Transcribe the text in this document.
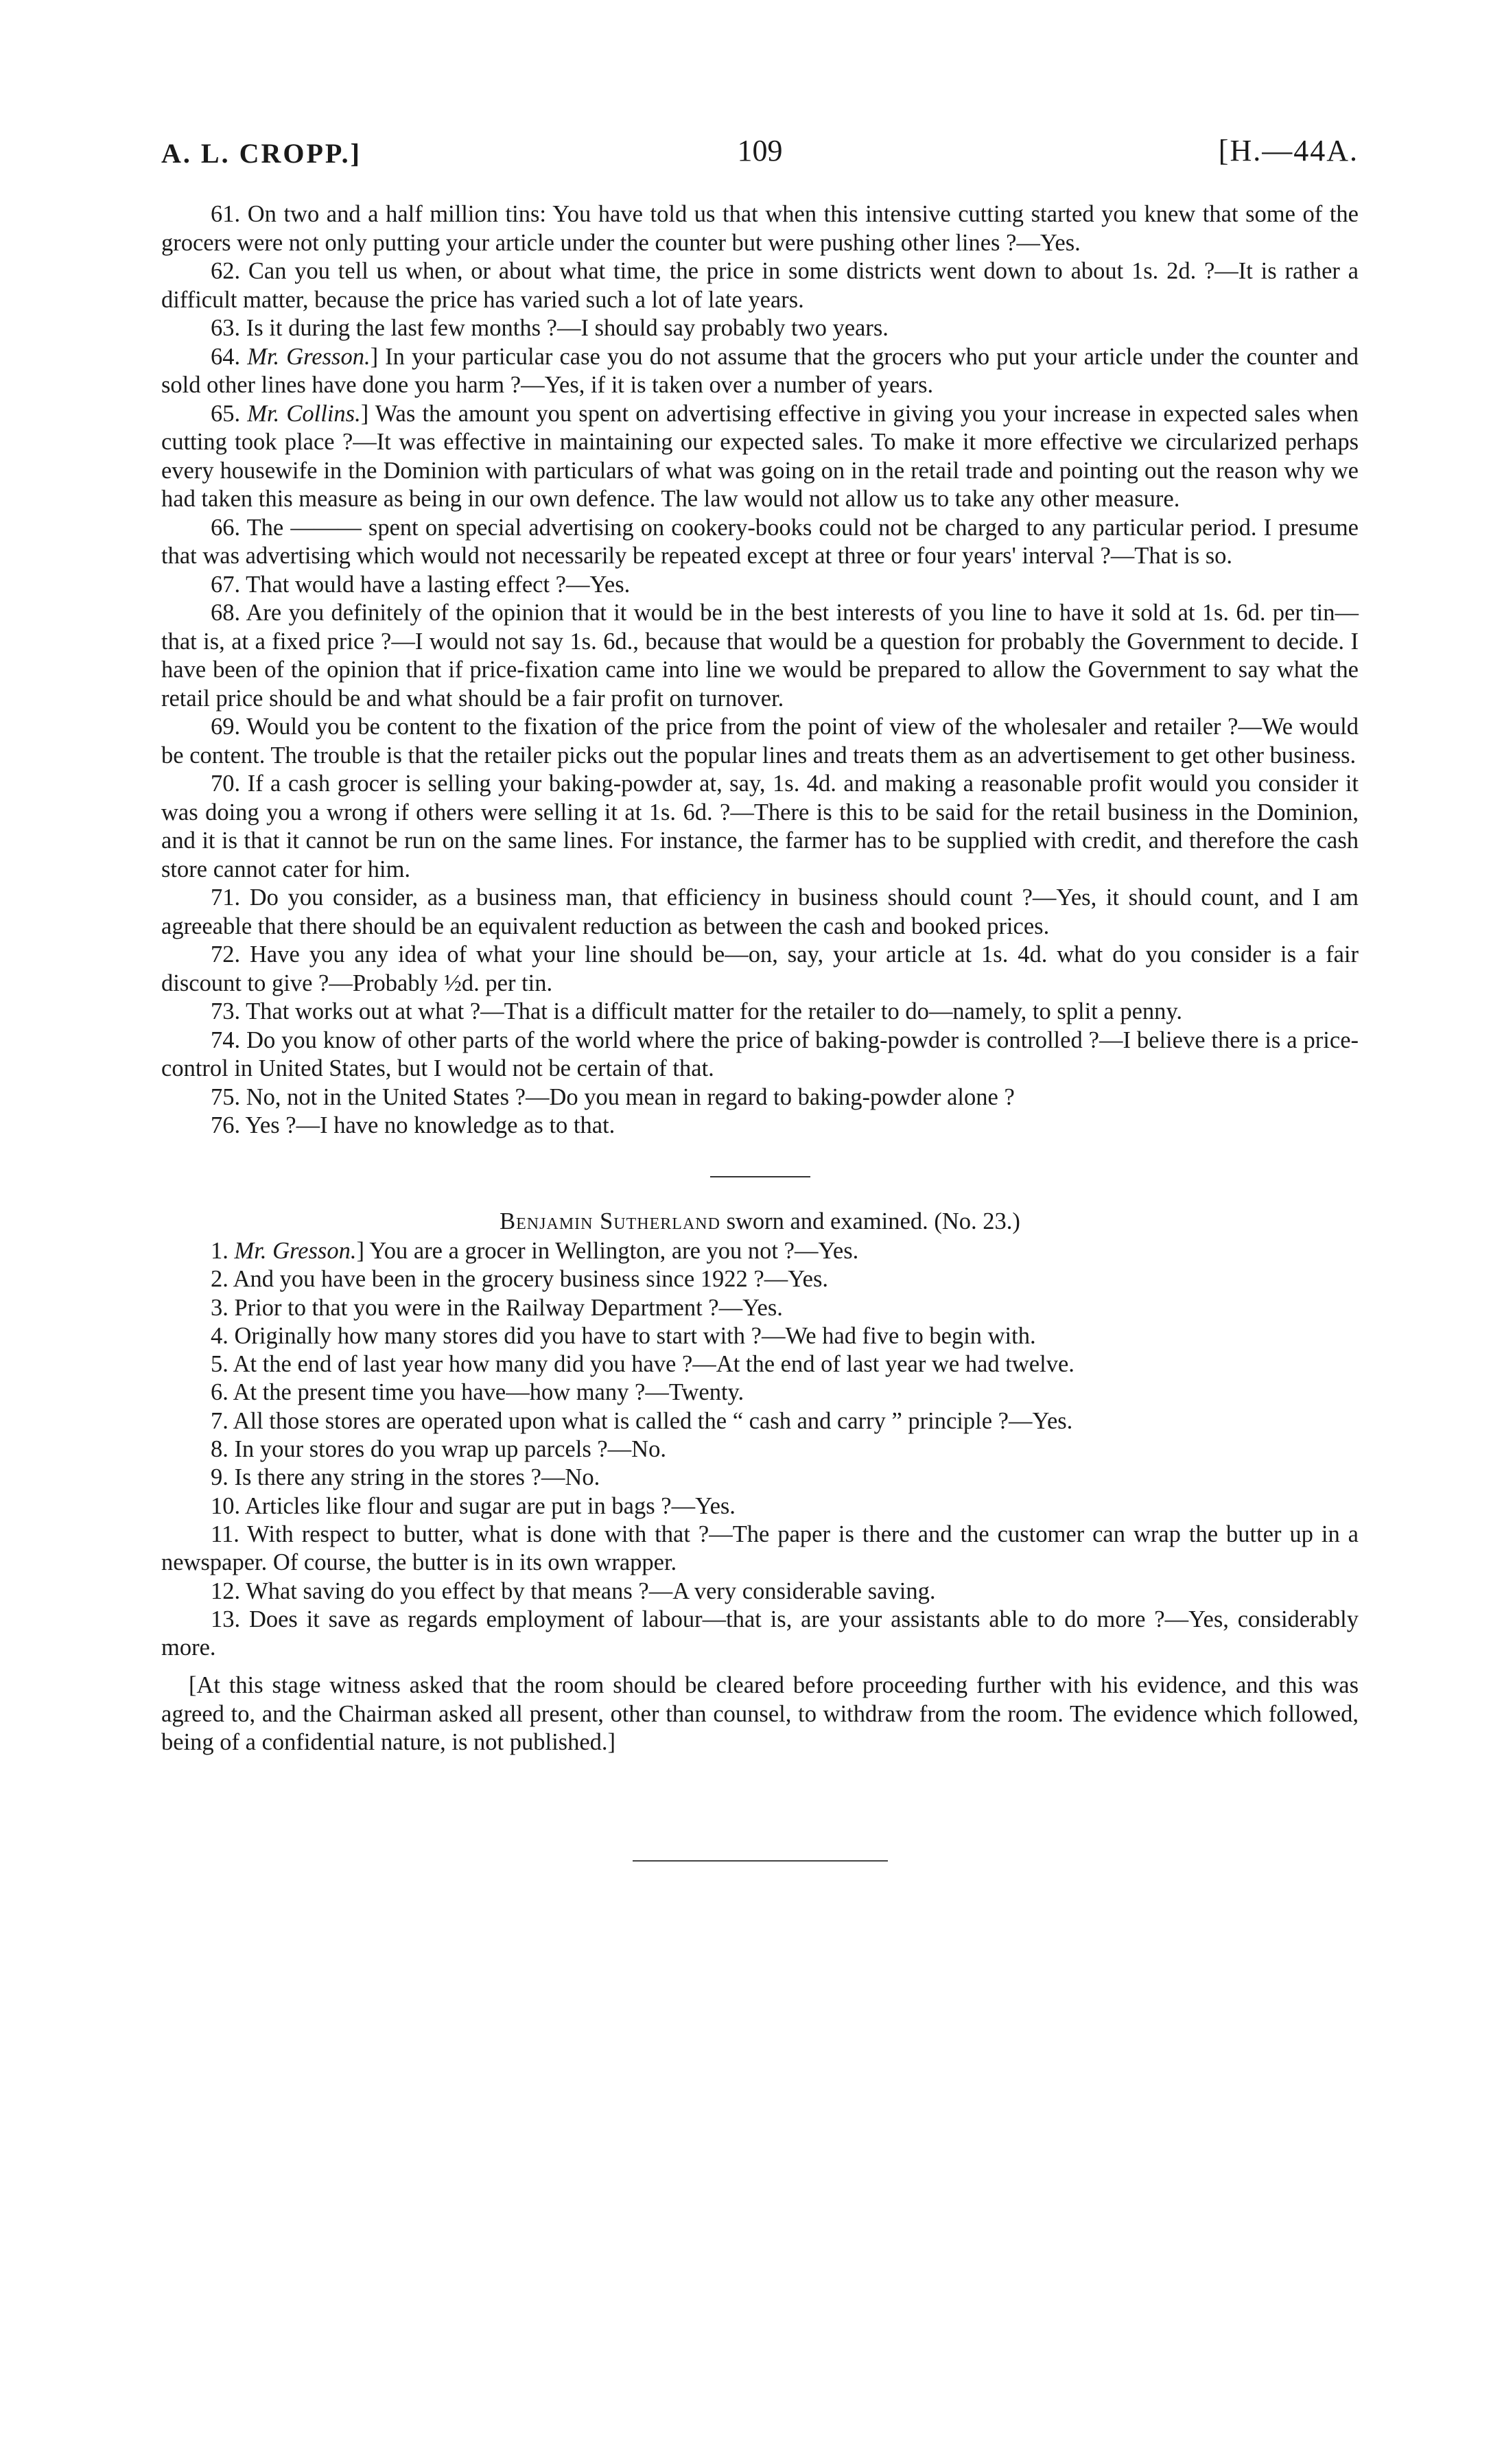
A. L. CROPP.]	109	[H.—44A.

61. On two and a half million tins: You have told us that when this intensive cutting started you knew that some of the grocers were not only putting your article under the counter but were pushing other lines ?—Yes.

62. Can you tell us when, or about what time, the price in some districts went down to about 1s. 2d. ?—It is rather a difficult matter, because the price has varied such a lot of late years.

63. Is it during the last few months ?—I should say probably two years.

64. Mr. Gresson.] In your particular case you do not assume that the grocers who put your article under the counter and sold other lines have done you harm ?—Yes, if it is taken over a number of years.

65. Mr. Collins.] Was the amount you spent on advertising effective in giving you your increase in expected sales when cutting took place ?—It was effective in maintaining our expected sales. To make it more effective we circularized perhaps every housewife in the Dominion with particulars of what was going on in the retail trade and pointing out the reason why we had taken this measure as being in our own defence. The law would not allow us to take any other measure.

66. The ——— spent on special advertising on cookery-books could not be charged to any particular period. I presume that was advertising which would not necessarily be repeated except at three or four years' interval ?—That is so.

67. That would have a lasting effect ?—Yes.

68. Are you definitely of the opinion that it would be in the best interests of you line to have it sold at 1s. 6d. per tin—that is, at a fixed price ?—I would not say 1s. 6d., because that would be a question for probably the Government to decide. I have been of the opinion that if price-fixation came into line we would be prepared to allow the Government to say what the retail price should be and what should be a fair profit on turnover.

69. Would you be content to the fixation of the price from the point of view of the wholesaler and retailer ?—We would be content. The trouble is that the retailer picks out the popular lines and treats them as an advertisement to get other business.

70. If a cash grocer is selling your baking-powder at, say, 1s. 4d. and making a reasonable profit would you consider it was doing you a wrong if others were selling it at 1s. 6d. ?—There is this to be said for the retail business in the Dominion, and it is that it cannot be run on the same lines. For instance, the farmer has to be supplied with credit, and therefore the cash store cannot cater for him.

71. Do you consider, as a business man, that efficiency in business should count ?—Yes, it should count, and I am agreeable that there should be an equivalent reduction as between the cash and booked prices.

72. Have you any idea of what your line should be—on, say, your article at 1s. 4d. what do you consider is a fair discount to give ?—Probably ½d. per tin.

73. That works out at what ?—That is a difficult matter for the retailer to do—namely, to split a penny.

74. Do you know of other parts of the world where the price of baking-powder is controlled ?—I believe there is a price-control in United States, but I would not be certain of that.

75. No, not in the United States ?—Do you mean in regard to baking-powder alone ?

76. Yes ?—I have no knowledge as to that.

Benjamin Sutherland sworn and examined. (No. 23.)

1. Mr. Gresson.] You are a grocer in Wellington, are you not ?—Yes.

2. And you have been in the grocery business since 1922 ?—Yes.

3. Prior to that you were in the Railway Department ?—Yes.

4. Originally how many stores did you have to start with ?—We had five to begin with.

5. At the end of last year how many did you have ?—At the end of last year we had twelve.

6. At the present time you have—how many ?—Twenty.

7. All those stores are operated upon what is called the “ cash and carry ” principle ?—Yes.

8. In your stores do you wrap up parcels ?—No.

9. Is there any string in the stores ?—No.

10. Articles like flour and sugar are put in bags ?—Yes.

11. With respect to butter, what is done with that ?—The paper is there and the customer can wrap the butter up in a newspaper. Of course, the butter is in its own wrapper.

12. What saving do you effect by that means ?—A very considerable saving.

13. Does it save as regards employment of labour—that is, are your assistants able to do more ?—Yes, considerably more.

[At this stage witness asked that the room should be cleared before proceeding further with his evidence, and this was agreed to, and the Chairman asked all present, other than counsel, to withdraw from the room. The evidence which followed, being of a confidential nature, is not published.]
